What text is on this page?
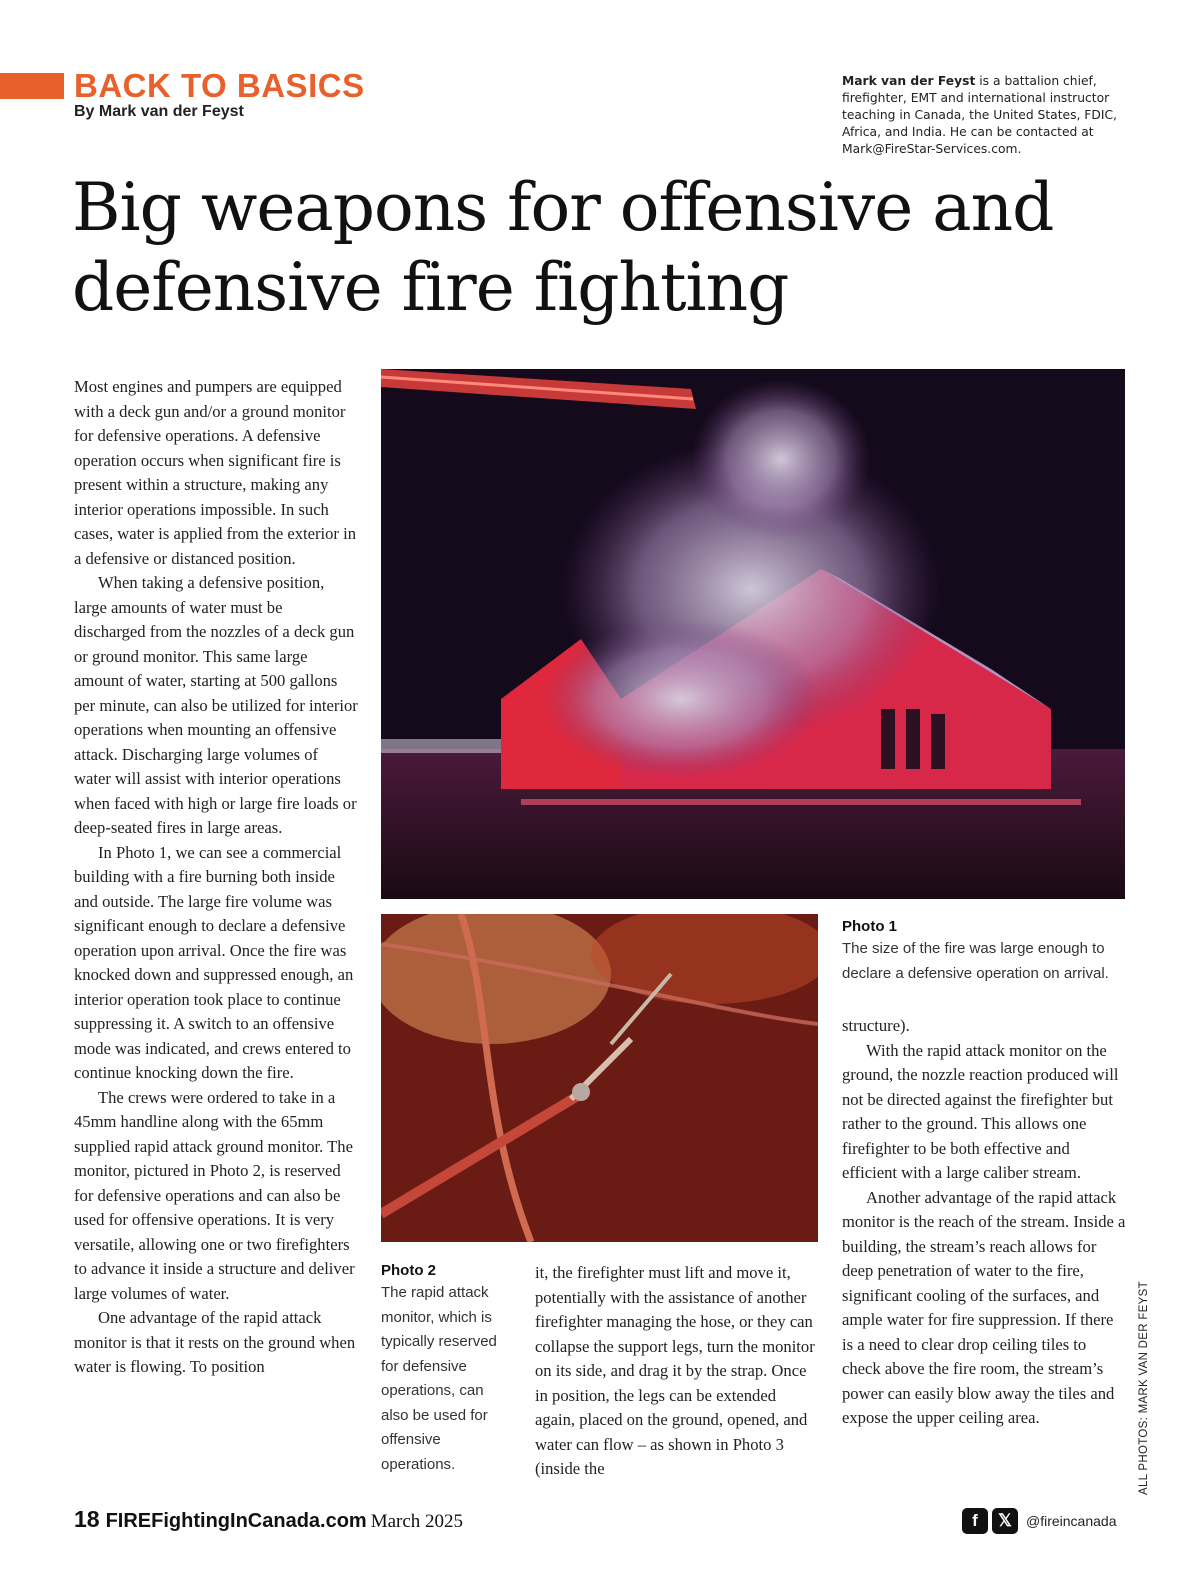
BACK TO BASICS
By Mark van der Feyst
Mark van der Feyst is a battalion chief, firefighter, EMT and international instructor teaching in Canada, the United States, FDIC, Africa, and India. He can be contacted at Mark@FireStar-Services.com.
Big weapons for offensive and defensive fire fighting

Most engines and pumpers are equipped with a deck gun and/or a ground monitor for defensive operations. A defensive operation occurs when significant fire is present within a structure, making any interior operations impossible. In such cases, water is applied from the exterior in a defensive or distanced position.

When taking a defensive position, large amounts of water must be discharged from the nozzles of a deck gun or ground monitor. This same large amount of water, starting at 500 gallons per minute, can also be utilized for interior operations when mounting an offensive attack. Discharging large volumes of water will assist with interior operations when faced with high or large fire loads or deep-seated fires in large areas.

In Photo 1, we can see a commercial building with a fire burning both inside and outside. The large fire volume was significant enough to declare a defensive operation upon arrival. Once the fire was knocked down and suppressed enough, an interior operation took place to continue suppressing it. A switch to an offensive mode was indicated, and crews entered to continue knocking down the fire.

The crews were ordered to take in a 45mm handline along with the 65mm supplied rapid attack ground monitor. The monitor, pictured in Photo 2, is reserved for defensive operations and can also be used for offensive operations. It is very versatile, allowing one or two firefighters to advance it inside a structure and deliver large volumes of water.

One advantage of the rapid attack monitor is that it rests on the ground when water is flowing. To position

Photo 1
The size of the fire was large enough to declare a defensive operation on arrival.
Photo 2
The rapid attack monitor, which is typically reserved for defensive operations, can also be used for offensive operations.

it, the firefighter must lift and move it, potentially with the assistance of another firefighter managing the hose, or they can collapse the support legs, turn the monitor on its side, and drag it by the strap. Once in position, the legs can be extended again, placed on the ground, opened, and water can flow – as shown in Photo 3 (inside the

structure).

With the rapid attack monitor on the ground, the nozzle reaction produced will not be directed against the firefighter but rather to the ground. This allows one firefighter to be both effective and efficient with a large caliber stream.

Another advantage of the rapid attack monitor is the reach of the stream. Inside a building, the stream’s reach allows for deep penetration of water to the fire, significant cooling of the surfaces, and ample water for fire suppression. If there is a need to clear drop ceiling tiles to check above the fire room, the stream’s power can easily blow away the tiles and expose the upper ceiling area.	ALL PHOTOS: MARK VAN DER FEYST
18 FIREFightingInCanada.com March 2025	f	𝕏	@fireincanada
